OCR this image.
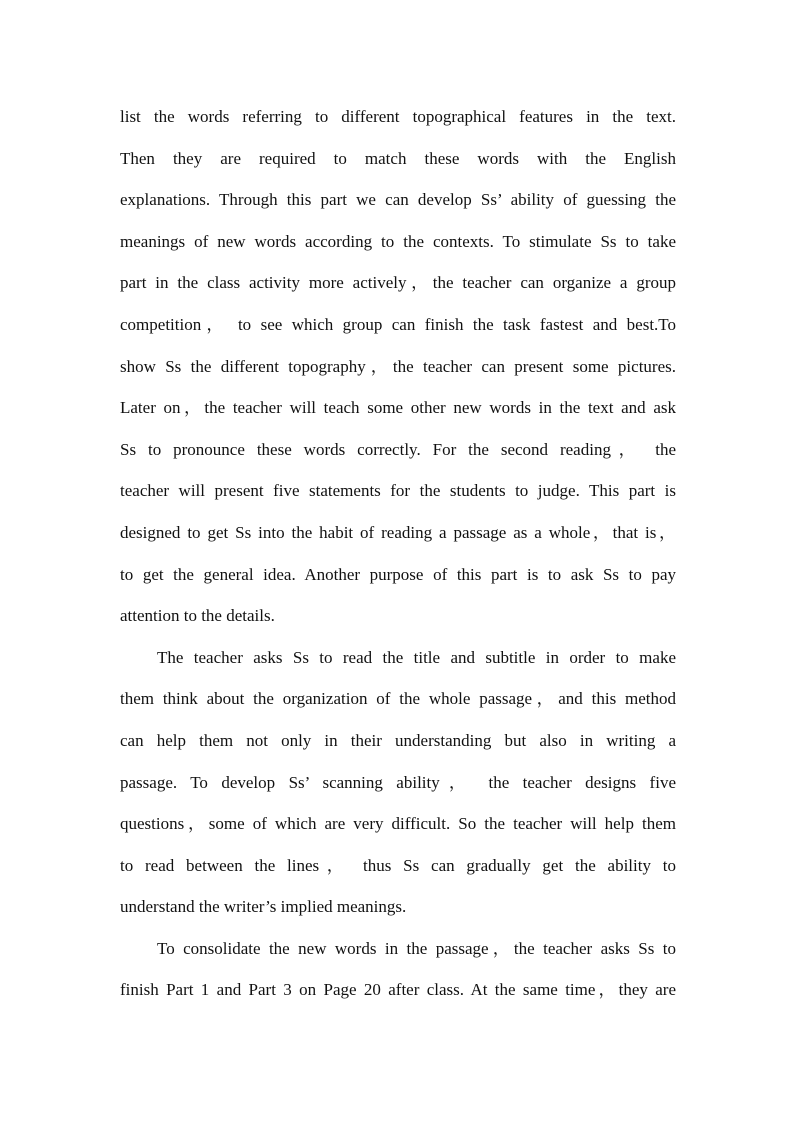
list the words referring to different topographical features in the text.
Then they are required to match these words with the English
explanations. Through this part we can develop Ss’ ability of guessing the
meanings of new words according to the contexts. To stimulate Ss to take
part in the class activity more actively，the teacher can organize a group
competition， to see which group can finish the task fastest and best.To
show Ss the different topography，the teacher can present some pictures.
Later on，the teacher will teach some other new words in the text and ask
Ss to pronounce these words correctly. For the second reading， the
teacher will present five statements for the students to judge. This part is
designed to get Ss into the habit of reading a passage as a whole，that is，
to get the general idea. Another purpose of this part is to ask Ss to pay
attention to the details.
The teacher asks Ss to read the title and subtitle in order to make
them think about the organization of the whole passage，and this method
can help them not only in their understanding but also in writing a
passage. To develop Ss’ scanning ability， the teacher designs five
questions，some of which are very difficult. So the teacher will help them
to read between the lines， thus Ss can gradually get the ability to
understand the writer’s implied meanings.
To consolidate the new words in the passage，the teacher asks Ss to
finish Part 1 and Part 3 on Page 20 after class. At the same time，they are
